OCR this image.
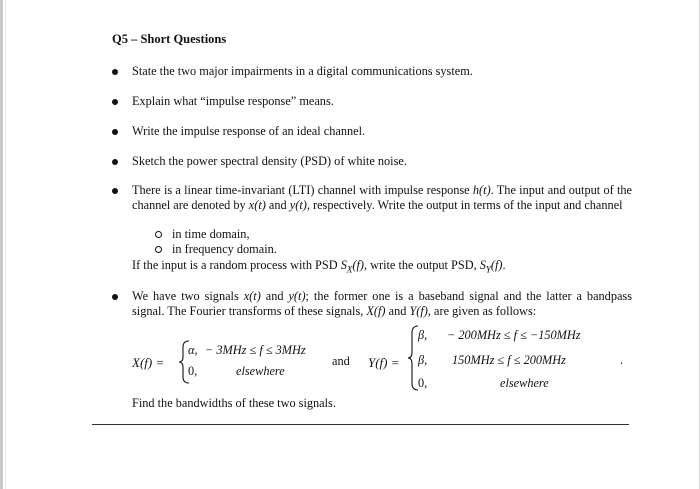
Q5 – Short Questions

State the two major impairments in a digital communications system.

Explain what “impulse response” means.

Write the impulse response of an ideal channel.

Sketch the power spectral density (PSD) of white noise.

There is a linear time-invariant (LTI) channel with impulse response h(t). The input and output of the channel are denoted by x(t) and y(t), respectively. Write the output in terms of the input and channel

in time domain,

in frequency domain.

If the input is a random process with PSD $S_X(f)$, write the output PSD, $S_Y(f)$.

We have two signals x(t) and y(t); the former one is a baseband signal and the latter a bandpass signal. The Fourier transforms of these signals, X(f) and Y(f), are given as follows:

X(f) =
α, − 3MHz ≤ f ≤ 3MHz
0,	elsewhere
and Y(f) =
β, − 200MHz ≤ f ≤ −150MHz
β, 150MHz ≤ f ≤ 200MHz	.
0,	elsewhere

Find the bandwidths of these two signals.
